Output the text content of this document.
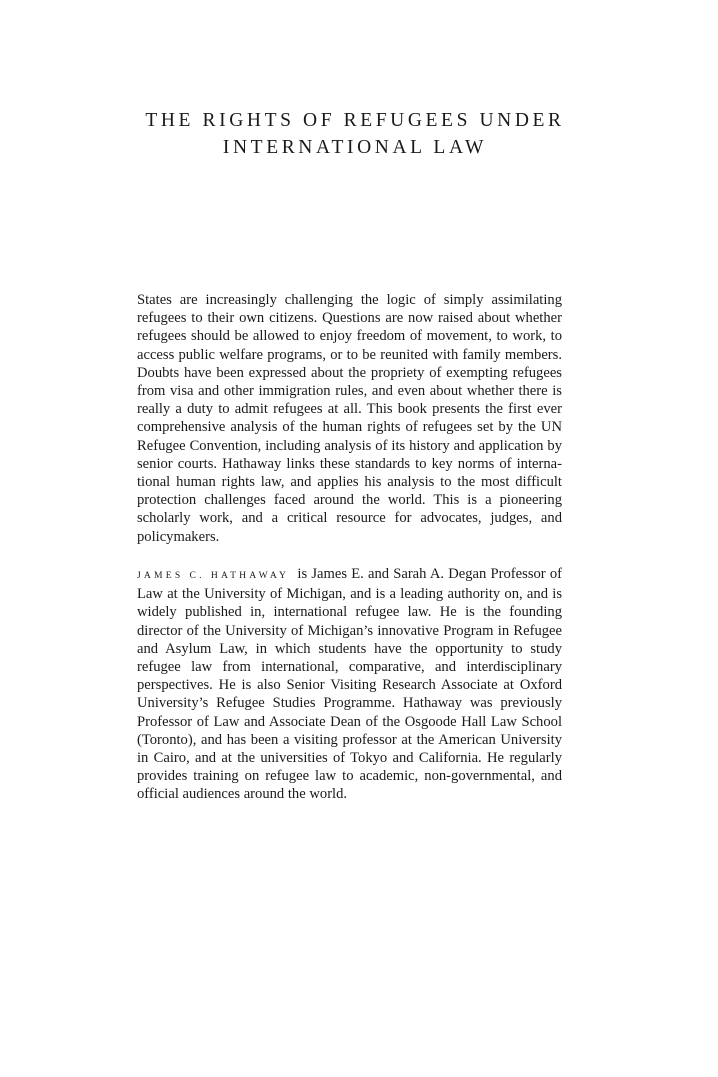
THE RIGHTS OF REFUGEES UNDER
INTERNATIONAL LAW

States are increasingly challenging the logic of simply assimilating refugees to their own citizens. Questions are now raised about whether refugees should be allowed to enjoy freedom of movement, to work, to access public welfare programs, or to be reunited with family members. Doubts have been expressed about the propriety of exempting refugees from visa and other immigration rules, and even about whether there is really a duty to admit refugees at all. This book presents the first ever comprehensive analysis of the human rights of refugees set by the UN Refugee Convention, including analysis of its history and application by senior courts. Hathaway links these standards to key norms of international human rights law, and applies his analysis to the most difficult protection challenges faced around the world. This is a pioneering scholarly work, and a critical resource for advocates, judges, and policymakers.

JAMES C. HATHAWAY is James E. and Sarah A. Degan Professor of Law at the University of Michigan, and is a leading authority on, and is widely published in, international refugee law. He is the founding director of the University of Michigan’s innovative Program in Refugee and Asylum Law, in which students have the opportunity to study refugee law from international, comparative, and interdisciplinary perspectives. He is also Senior Visiting Research Associate at Oxford University’s Refugee Studies Programme. Hathaway was previously Professor of Law and Associate Dean of the Osgoode Hall Law School (Toronto), and has been a visiting professor at the American University in Cairo, and at the universities of Tokyo and California. He regularly provides training on refugee law to academic, non-governmental, and official audiences around the world.
